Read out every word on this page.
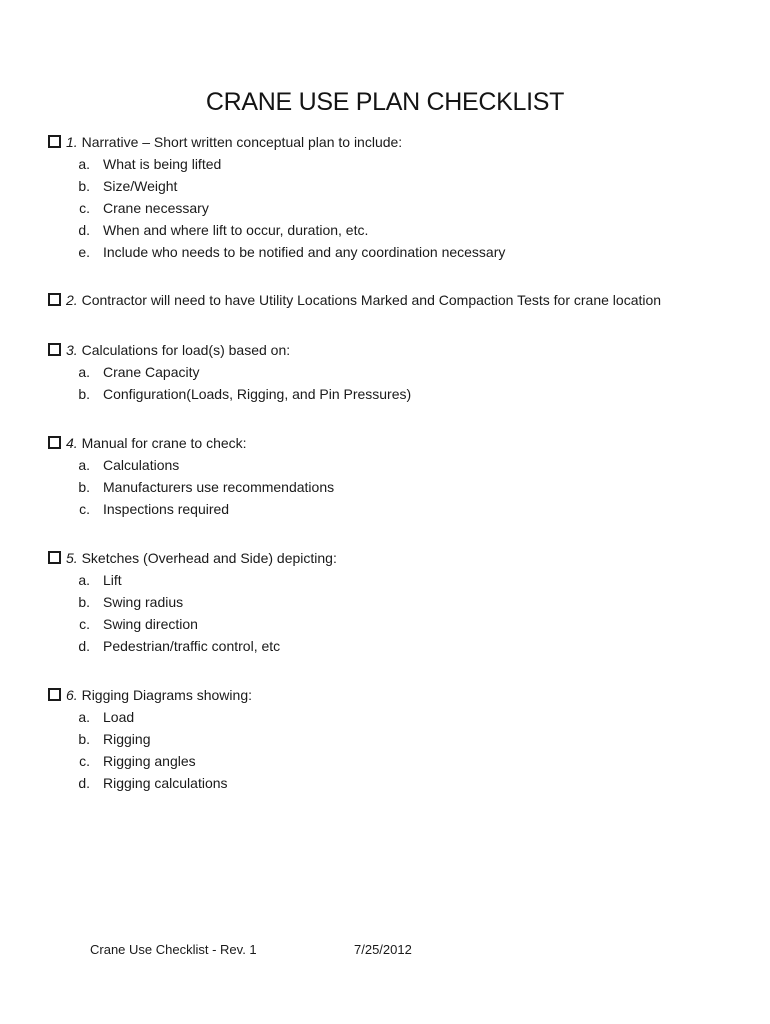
CRANE USE PLAN CHECKLIST
1. Narrative – Short written conceptual plan to include:
a. What is being lifted
b. Size/Weight
c. Crane necessary
d. When and where lift to occur, duration, etc.
e. Include who needs to be notified and any coordination necessary
2. Contractor will need to have Utility Locations Marked and Compaction Tests for crane location
3. Calculations for load(s) based on:
a. Crane Capacity
b. Configuration(Loads, Rigging, and Pin Pressures)
4. Manual for crane to check:
a. Calculations
b. Manufacturers use recommendations
c. Inspections required
5. Sketches (Overhead and Side) depicting:
a. Lift
b. Swing radius
c. Swing direction
d. Pedestrian/traffic control, etc
6. Rigging Diagrams showing:
a. Load
b. Rigging
c. Rigging angles
d. Rigging calculations
Crane Use Checklist - Rev. 1	7/25/2012
